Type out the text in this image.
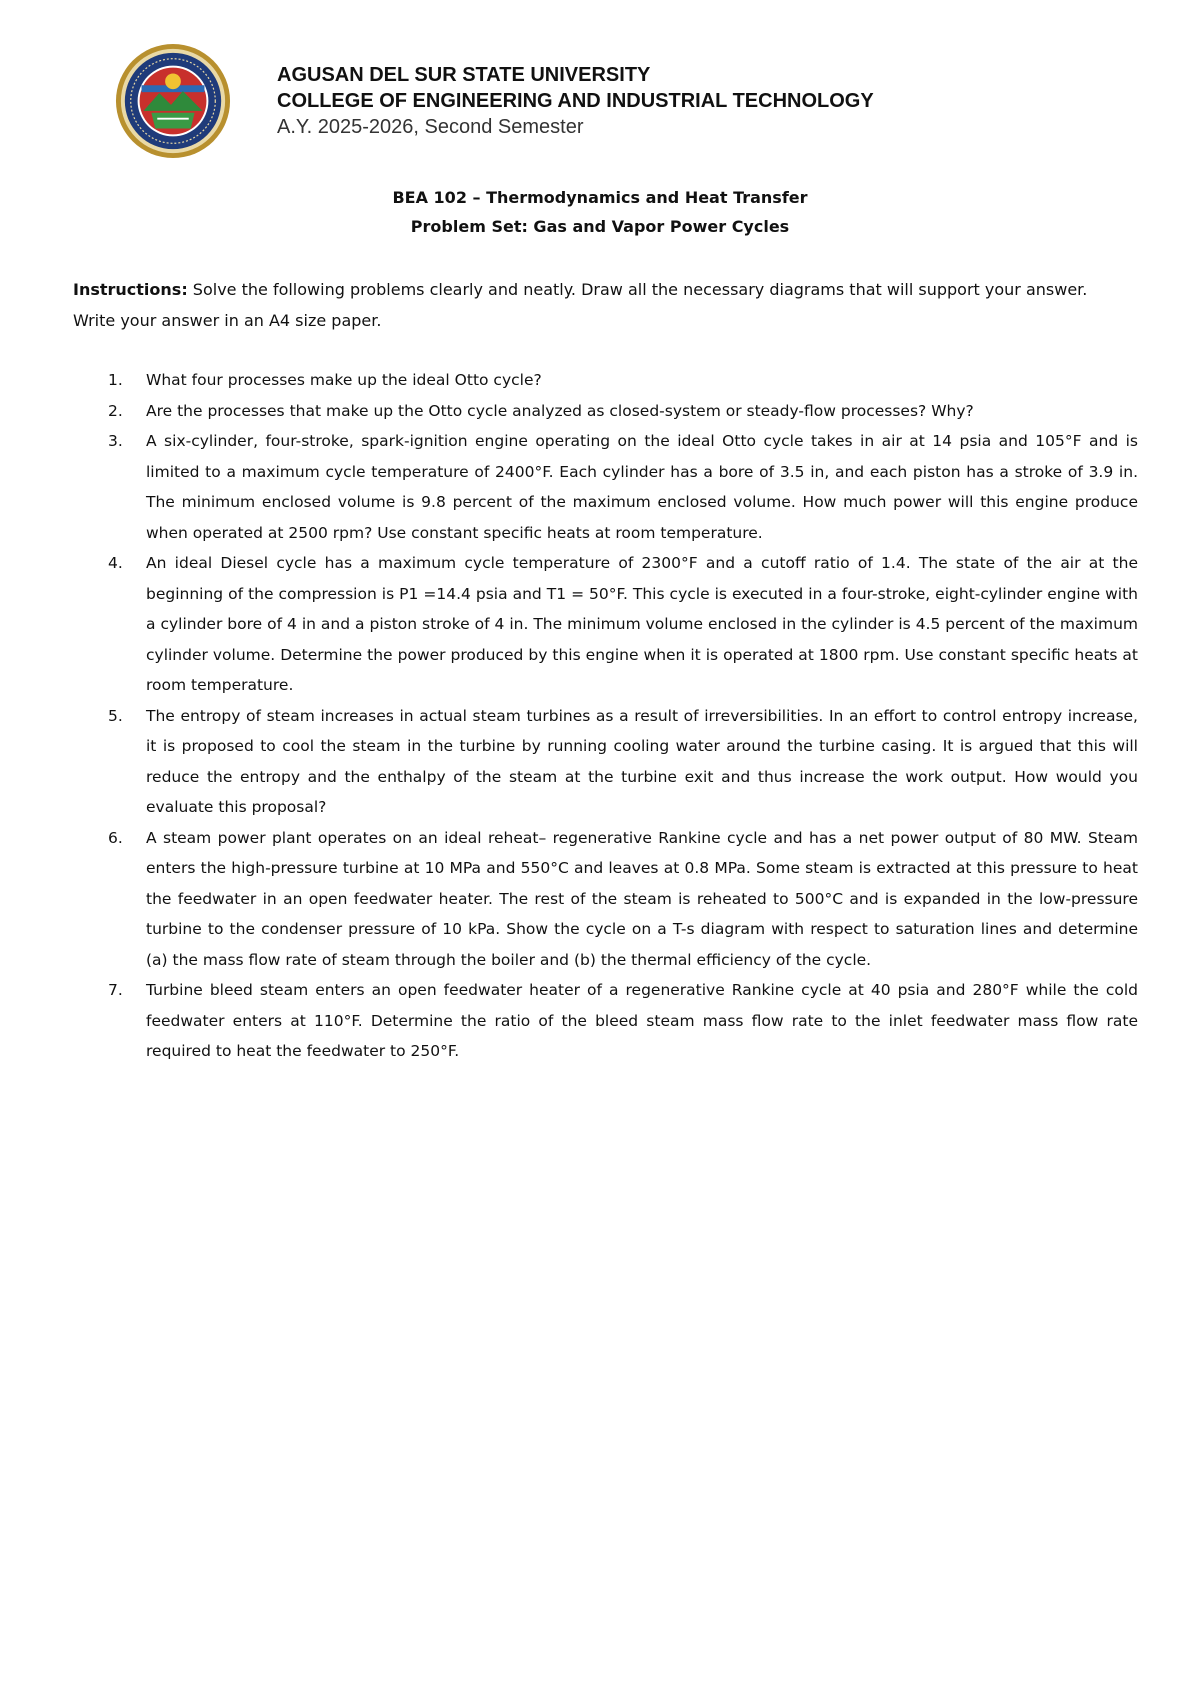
AGUSAN DEL SUR STATE UNIVERSITY
COLLEGE OF ENGINEERING AND INDUSTRIAL TECHNOLOGY
A.Y. 2025-2026, Second Semester
BEA 102 – Thermodynamics and Heat Transfer
Problem Set: Gas and Vapor Power Cycles
Instructions: Solve the following problems clearly and neatly. Draw all the necessary diagrams that will support your answer. Write your answer in an A4 size paper.
1. What four processes make up the ideal Otto cycle?
2. Are the processes that make up the Otto cycle analyzed as closed-system or steady-flow processes? Why?
3. A six-cylinder, four-stroke, spark-ignition engine operating on the ideal Otto cycle takes in air at 14 psia and 105°F and is limited to a maximum cycle temperature of 2400°F. Each cylinder has a bore of 3.5 in, and each piston has a stroke of 3.9 in. The minimum enclosed volume is 9.8 percent of the maximum enclosed volume. How much power will this engine produce when operated at 2500 rpm? Use constant specific heats at room temperature.
4. An ideal Diesel cycle has a maximum cycle temperature of 2300°F and a cutoff ratio of 1.4. The state of the air at the beginning of the compression is P1 =14.4 psia and T1 = 50°F. This cycle is executed in a four-stroke, eight-cylinder engine with a cylinder bore of 4 in and a piston stroke of 4 in. The minimum volume enclosed in the cylinder is 4.5 percent of the maximum cylinder volume. Determine the power produced by this engine when it is operated at 1800 rpm. Use constant specific heats at room temperature.
5. The entropy of steam increases in actual steam turbines as a result of irreversibilities. In an effort to control entropy increase, it is proposed to cool the steam in the turbine by running cooling water around the turbine casing. It is argued that this will reduce the entropy and the enthalpy of the steam at the turbine exit and thus increase the work output. How would you evaluate this proposal?
6. A steam power plant operates on an ideal reheat– regenerative Rankine cycle and has a net power output of 80 MW. Steam enters the high-pressure turbine at 10 MPa and 550°C and leaves at 0.8 MPa. Some steam is extracted at this pressure to heat the feedwater in an open feedwater heater. The rest of the steam is reheated to 500°C and is expanded in the low-pressure turbine to the condenser pressure of 10 kPa. Show the cycle on a T-s diagram with respect to saturation lines and determine (a) the mass flow rate of steam through the boiler and (b) the thermal efficiency of the cycle.
7. Turbine bleed steam enters an open feedwater heater of a regenerative Rankine cycle at 40 psia and 280°F while the cold feedwater enters at 110°F. Determine the ratio of the bleed steam mass flow rate to the inlet feedwater mass flow rate required to heat the feedwater to 250°F.
